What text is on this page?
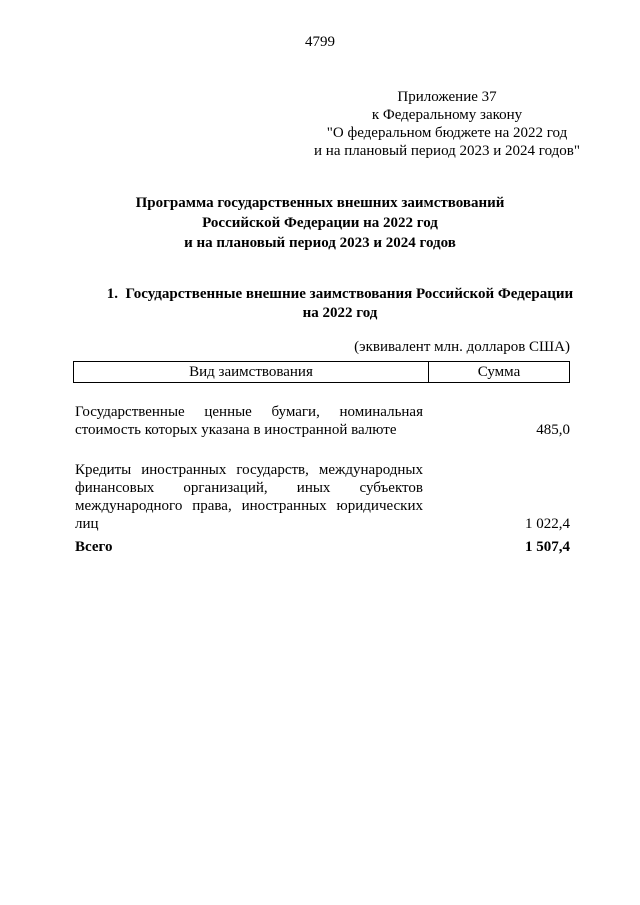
4799
Приложение 37
к Федеральному закону
"О федеральном бюджете на 2022 год
и на плановый период 2023 и 2024 годов"
Программа государственных внешних заимствований
Российской Федерации на 2022 год
и на плановый период 2023 и 2024 годов
1.  Государственные внешние заимствования Российской Федерации
на 2022 год
(эквивалент млн. долларов США)
Вид заимствования	Сумма
Государственные ценные бумаги, номинальная стоимость которых указана в иностранной валюте	485,0
Кредиты иностранных государств, международных финансовых организаций, иных субъектов международного права, иностранных юридических лиц	1 022,4
Всего	1 507,4
